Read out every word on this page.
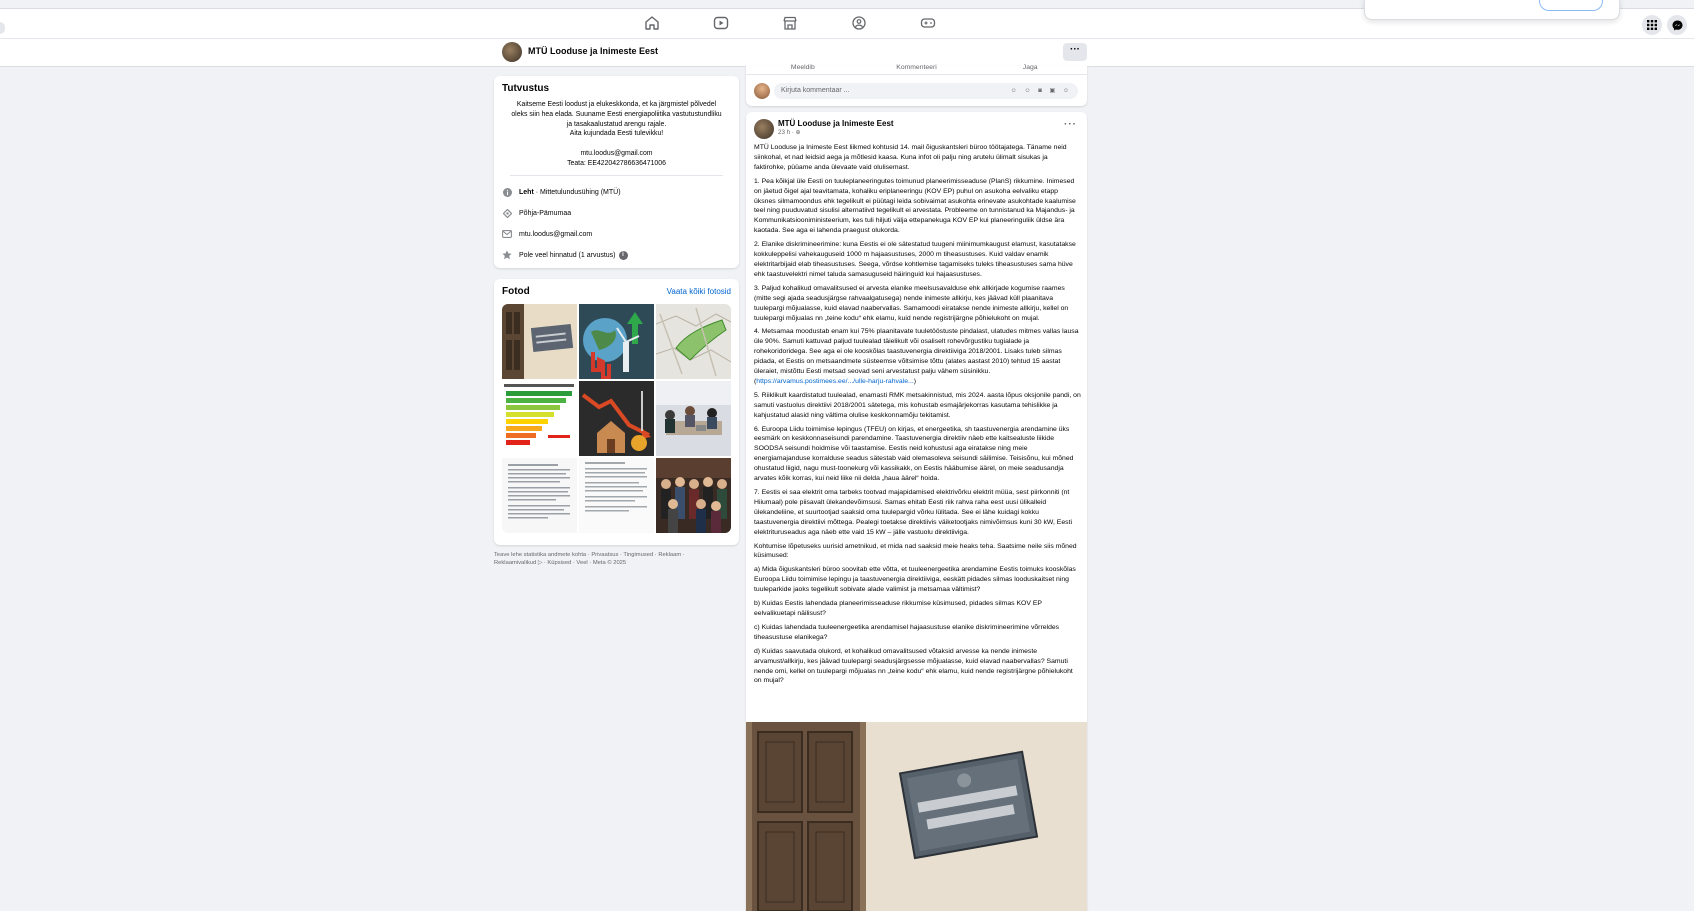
MTÜ Looduse ja Inimeste Eest	···
Tutvustus
Kaitseme Eesti loodust ja elukeskkonda, et ka järgmistel põlvedel
oleks siin hea elada. Suuname Eesti energiapoliitika vastutustundliku
ja tasakaalustatud arengu rajale.
Aita kujundada Eesti tulevikku!
mtu.loodus@gmail.com
Teata: EE422042786636471006
Leht · Mittetulundusühing (MTÜ)
Põhja-Pämumaa
mtu.loodus@gmail.com
Pole veel hinnatud (1 arvustus)	i
Fotod	Vaata kõiki fotosid
Teave lehe statistika andmete kohta · Privaatsus · Tingimused · Reklaam ·
Reklaamivalikud ▷ · Küpsised · Veel · Meta © 2025
Meeldib	Kommenteeri	Jaga
Kirjuta kommentaar ...	☺ ☺ ◙ ▣ ☺
MTÜ Looduse ja Inimeste Eest
23 h · ⊕
···

MTÜ Looduse ja Inimeste Eest liikmed kohtusid 14. mail õiguskantsleri büroo töötajatega. Täname neid siinkohal, et nad leidsid aega ja mõtlesid kaasa. Kuna infot oli palju ning arutelu ülimalt sisukas ja faktirohke, püüame anda ülevaate vaid olulisemast.

1. Pea kõikjal üle Eesti on tuuleplaneeringutes toimunud planeerimisseaduse (PlanS) rikkumine. Inimesed on jäetud õigel ajal teavitamata, kohaliku eriplaneeringu (KOV EP) puhul on asukoha eelvaliku etapp üksnes silmamoondus ehk tegelikult ei püütagi leida sobivaimat asukohta erinevate asukohtade kaalumise teel ning puuduvatud sisulisi alternatiivd tegelikult ei arvestata. Probleeme on tunnistanud ka Majandus- ja Kommunikatsiooniministeerium, kes tuli hiljuti välja ettepanekuga KOV EP kui planeeringuliik üldse ära kaotada. See aga ei lahenda praegust olukorda.

2. Elanike diskrimineerimine: kuna Eestis ei ole sätestatud tuugeni miinimumkaugust elamust, kasutatakse kokkuleppelisi vahekauguseid 1000 m hajaasustuses, 2000 m tiheasustuses. Kuid valdav enamik elektritarbijaid elab tiheasustuses. Seega, võrdse kohtlemise tagamiseks tuleks tiheasustuses sama hüve ehk taastuvelektri nimel taluda samasuguseid häiringuid kui hajaasustuses.

3. Paljud kohalikud omavalitsused ei arvesta elanike meelsusavalduse ehk allkirjade kogumise raames (mitte segi ajada seadusjärgse rahvaalgatusega) nende inimeste allkirju, kes jäävad küll plaanitava tuulepargi mõjualasse, kuid elavad naabervallas. Samamoodi eiratakse nende inimeste allkirju, kellel on tuulepargi mõjualas nn „teine kodu“ ehk elamu, kuid nende registrijärgne põhielukoht on mujal.

4. Metsamaa moodustab enam kui 75% plaanitavate tuuletööstuste pindalast, ulatudes mitmes vallas lausa üle 90%. Samuti kattuvad paljud tuulealad täielikult või osaliselt rohevõrgustiku tugialade ja rohekoridoridega. See aga ei ole kooskõlas taastuvenergia direktiiviga 2018/2001. Lisaks tuleb silmas pidada, et Eestis on metsaandmete süsteemse võltsimise tõttu (alates aastast 2010) tehtud 15 aastat üleraiet, mistõttu Eesti metsad seovad seni arvestatust palju vähem süsinikku. (https://arvamus.postimees.ee/.../ulle-harju-rahvale...)

5. Riiklikult kaardistatud tuulealad, enamasti RMK metsakinnistud, mis 2024. aasta lõpus oksjonile pandi, on samuti vastuolus direktiivi 2018/2001 sätetega, mis kohustab esmajärjekorras kasutama tehislikke ja kahjustatud alasid ning vältima olulise keskkonnamõju tekitamist.

6. Euroopa Liidu toimimise lepingus (TFEU) on kirjas, et energeetika, sh taastuvenergia arendamine üks eesmärk on keskkonnaseisundi parendamine. Taastuvenergia direktiiv näeb ette kaitsealuste liikide SOODSA seisundi hoidmise või taastamise. Eestis neid kohustusi aga eiratakse ning meie energiamajanduse korralduse seadus sätestab vaid olemasoleva seisundi säilimise. Teisisõnu, kui mõned ohustatud liigid, nagu must-toonekurg või kassikakk, on Eestis hääbumise äärel, on meie seadusandja arvates kõik korras, kui neid liike nii delda „haua äärel“ hoida.

7. Eestis ei saa elektrit oma tarbeks tootvad majapidamised elektrivõrku elektrit müüa, sest piirkonniti (nt Hiiumaal) pole piisavalt ülekandevõimsusi. Samas ehitab Eesti riik rahva raha eest uusi ülikalleid ülekandeliine, et suurtootjad saaksid oma tuulepargid võrku lülitada. See ei lähe kuidagi kokku taastuvenergia direktiivi mõttega. Pealegi toetakse direktiivis väiketootjaks nimivõimsus kuni 30 kW, Eesti elektrituruseadus aga näeb ette vaid 15 kW – jälle vastuolu direktiiviga.

Kohtumise lõpetuseks uurisid ametnikud, et mida nad saaksid meie heaks teha. Saatsime neile siis mõned küsimused:

a) Mida õiguskantsleri büroo soovitab ette võtta, et tuuleenergeetika arendamine Eestis toimuks kooskõlas Euroopa Liidu toimimise lepingu ja taastuvenergia direktiiviga, eeskätt pidades silmas looduskaitset ning tuuleparkide jaoks tegelikult sobivate alade valimist ja metsamaa vältimist?

b) Kuidas Eestis lahendada planeerimisseaduse rikkumise küsimused, pidades silmas KOV EP eelvalikuetapi näilisust?

c) Kuidas lahendada tuuleenergeetika arendamisel hajaasustuse elanike diskrimineerimine võrreldes tiheasustuse elanikega?

d) Kuidas saavutada olukord, et kohalikud omavalitsused võtaksid arvesse ka nende inimeste arvamust/allkirju, kes jäävad tuulepargi seadusjärgsesse mõjualasse, kuid elavad naabervallas? Samuti nende omi, kellel on tuulepargi mõjualas nn „teine kodu“ ehk elamu, kuid nende registrijärgne põhielukoht on mujal?
